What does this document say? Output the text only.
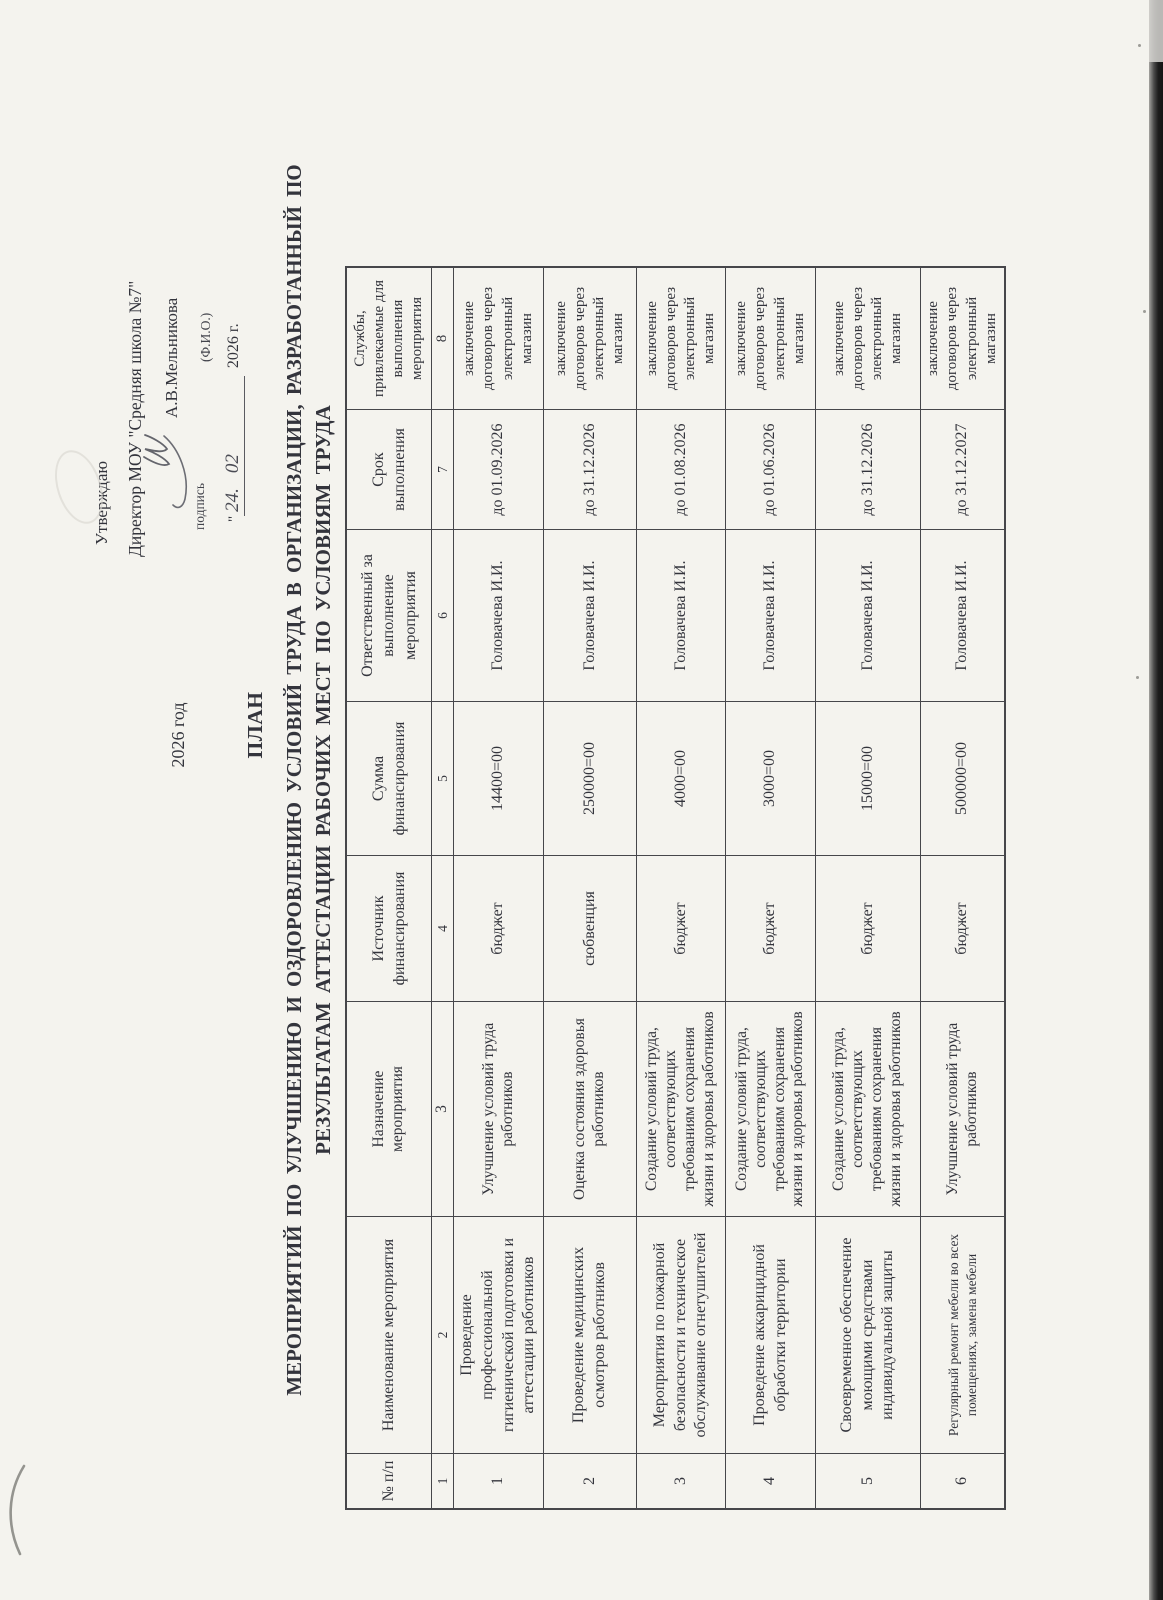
Утверждаю Директор МОУ "Средняя школа №7" А.В.Мельникова
подпись
(Ф.И.О.)
"24.022026 г.
2026 год	ПЛАН МЕРОПРИЯТИЙ ПО УЛУЧШЕНИЮ И ОЗДОРОВЛЕНИЮ УСЛОВИЙ ТРУДА В ОРГАНИЗАЦИИ, РАЗРАБОТАННЫЙ ПО РЕЗУЛЬТАТАМ АТТЕСТАЦИИ РАБОЧИХ МЕСТ ПО УСЛОВИЯМ ТРУДА
№ п/п
Наименование мероприятия
Назначение мероприятия
Источник финансирования
Сумма финансирования
Ответственный за выполнение мероприятия
Срок выполнения
Службы, привлекаемые для выполнения мероприятия
1
2
3
4
5
6
7
8
1
Проведение профессиональной гигиенической подготовки и аттестации работников
Улучшение условий труда работников
бюджет
14400=00
Головачева И.И.
до 01.09.2026
заключение договоров через электронный магазин
2
Проведение медицинских осмотров работников
Оценка состояния здоровья работников
сюбвенция
250000=00
Головачева И.И.
до 31.12.2026
заключение договоров через электронный магазин
3
Мероприятия по пожарной безопасности и техническое обслуживание огнетушителей
Создание условий труда, соответствующих требованиям сохранения жизни и здоровья работников
бюджет
4000=00
Головачева И.И.
до 01.08.2026
заключение договоров через электронный магазин
4
Проведение аккарицидной обработки территории
Создание условий труда, соответствующих требованиям сохранения жизни и здоровья работников
бюджет
3000=00
Головачева И.И.
до 01.06.2026
заключение договоров через электронный магазин
5
Своевременное обеспечение моющими средствами индивидуальной защиты
Создание условий труда, соответствующих требованиям сохранения жизни и здоровья работников
бюджет
15000=00
Головачева И.И.
до 31.12.2026
заключение договоров через электронный магазин
6
Регулярный ремонт мебели во всех помещениях, замена мебели
Улучшение условий труда работников
бюджет
500000=00
Головачева И.И.
до 31.12.2027
заключение договоров через электронный магазин
